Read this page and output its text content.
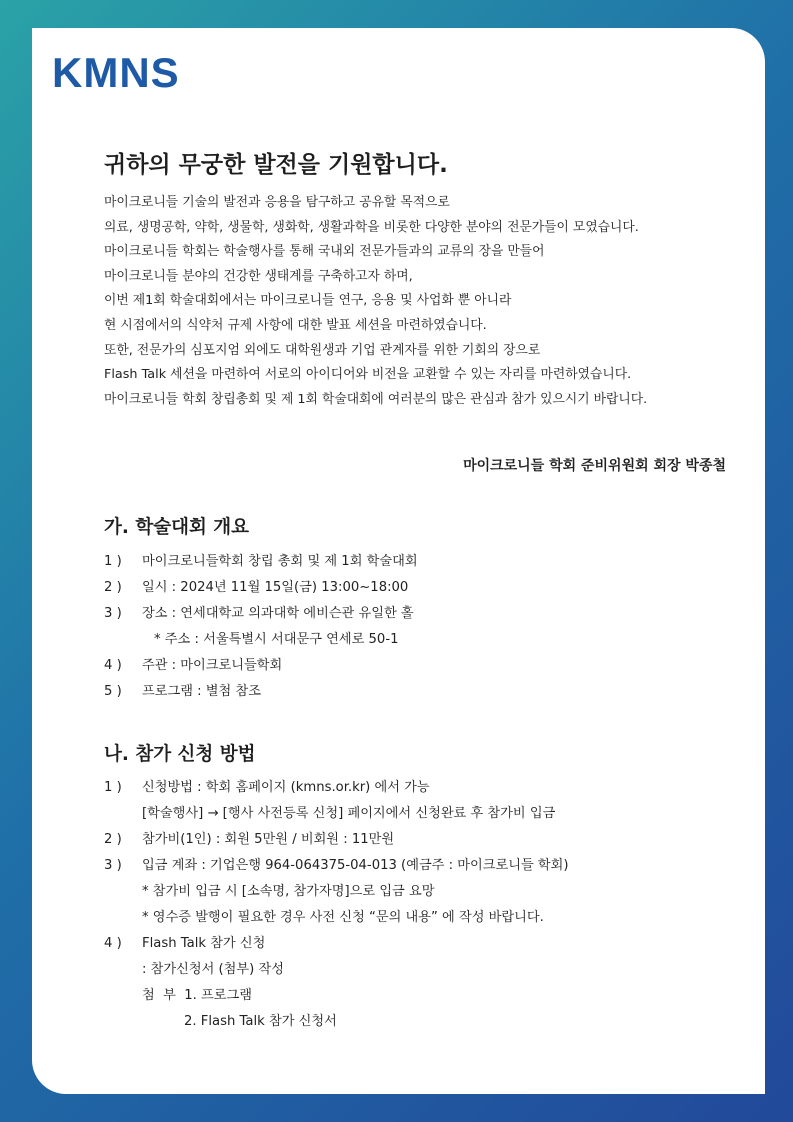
KMNS
귀하의 무궁한 발전을 기원합니다.

마이크로니들 기술의 발전과 응용을 탐구하고 공유할 목적으로

의료, 생명공학, 약학, 생물학, 생화학, 생활과학을 비롯한 다양한 분야의 전문가들이 모였습니다.

마이크로니들 학회는 학술행사를 통해 국내외 전문가들과의 교류의 장을 만들어

마이크로니들 분야의 건강한 생태계를 구축하고자 하며,

이번 제1회 학술대회에서는 마이크로니들 연구, 응용 및 사업화 뿐 아니라

현 시점에서의 식약처 규제 사항에 대한 발표 세션을 마련하였습니다.

또한, 전문가의 심포지엄 외에도 대학원생과 기업 관계자를 위한 기회의 장으로

Flash Talk 세션을 마련하여 서로의 아이디어와 비전을 교환할 수 있는 자리를 마련하였습니다.

마이크로니들 학회 창립총회 및 제 1회 학술대회에 여러분의 많은 관심과 참가 있으시기 바랍니다.

마이크로니들 학회 준비위원회 회장 박종철
가. 학술대회 개요
1 )	마이크로니들학회 창립 총회 및 제 1회 학술대회
2 )	일시 : 2024년 11월 15일(금) 13:00~18:00
3 )	장소 : 연세대학교 의과대학 에비슨관 유일한 홀
* 주소 : 서울특별시 서대문구 연세로 50-1
4 )	주관 : 마이크로니들학회
5 )	프로그램 : 별첨 참조
나. 참가 신청 방법
1 )	신청방법 : 학회 홈페이지 (kmns.or.kr) 에서 가능
[학술행사] → [행사 사전등록 신청] 페이지에서 신청완료 후 참가비 입금
2 )	참가비(1인) : 회원 5만원 / 비회원 : 11만원
3 )	입금 계좌 : 기업은행 964-064375-04-013 (예금주 : 마이크로니들 학회)
* 참가비 입금 시 [소속명, 참가자명]으로 입금 요망
* 영수증 발행이 필요한 경우 사전 신청 “문의 내용” 에 작성 바랍니다.
4 )	Flash Talk 참가 신청
: 참가신청서 (첨부) 작성
첨  부  1. 프로그램
2. Flash Talk 참가 신청서
